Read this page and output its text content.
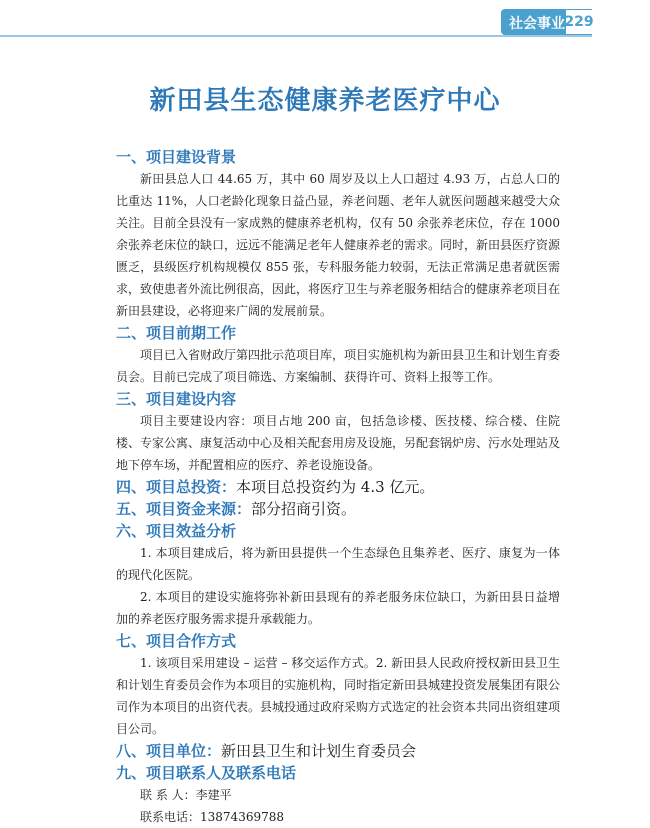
社会事业 229
新田县生态健康养老医疗中心
一、项目建设背景

新田县总人口 44.65 万，其中 60 周岁及以上人口超过 4.93 万，占总人口的比重达 11%，人口老龄化现象日益凸显，养老问题、老年人就医问题越来越受大众关注。目前全县没有一家成熟的健康养老机构，仅有 50 余张养老床位，存在 1000 余张养老床位的缺口，远远不能满足老年人健康养老的需求。同时，新田县医疗资源匮乏，县级医疗机构规模仅 855 张，专科服务能力较弱，无法正常满足患者就医需求，致使患者外流比例很高，因此，将医疗卫生与养老服务相结合的健康养老项目在新田县建设，必将迎来广阔的发展前景。

二、项目前期工作

项目已入省财政厅第四批示范项目库，项目实施机构为新田县卫生和计划生育委员会。目前已完成了项目筛选、方案编制、获得许可、资料上报等工作。

三、项目建设内容

项目主要建设内容：项目占地 200 亩，包括急诊楼、医技楼、综合楼、住院楼、专家公寓、康复活动中心及相关配套用房及设施，另配套锅炉房、污水处理站及地下停车场，并配置相应的医疗、养老设施设备。

四、项目总投资：本项目总投资约为 4.3 亿元。
五、项目资金来源：部分招商引资。
六、项目效益分析

1. 本项目建成后，将为新田县提供一个生态绿色且集养老、医疗、康复为一体的现代化医院。

2. 本项目的建设实施将弥补新田县现有的养老服务床位缺口，为新田县日益增加的养老医疗服务需求提升承载能力。

七、项目合作方式

1. 该项目采用建设 – 运营 – 移交运作方式。2. 新田县人民政府授权新田县卫生和计划生育委员会作为本项目的实施机构，同时指定新田县城建投资发展集团有限公司作为本项目的出资代表。县城投通过政府采购方式选定的社会资本共同出资组建项目公司。

八、项目单位：新田县卫生和计划生育委员会
九、项目联系人及联系电话

联 系 人：李建平

联系电话：13874369788
